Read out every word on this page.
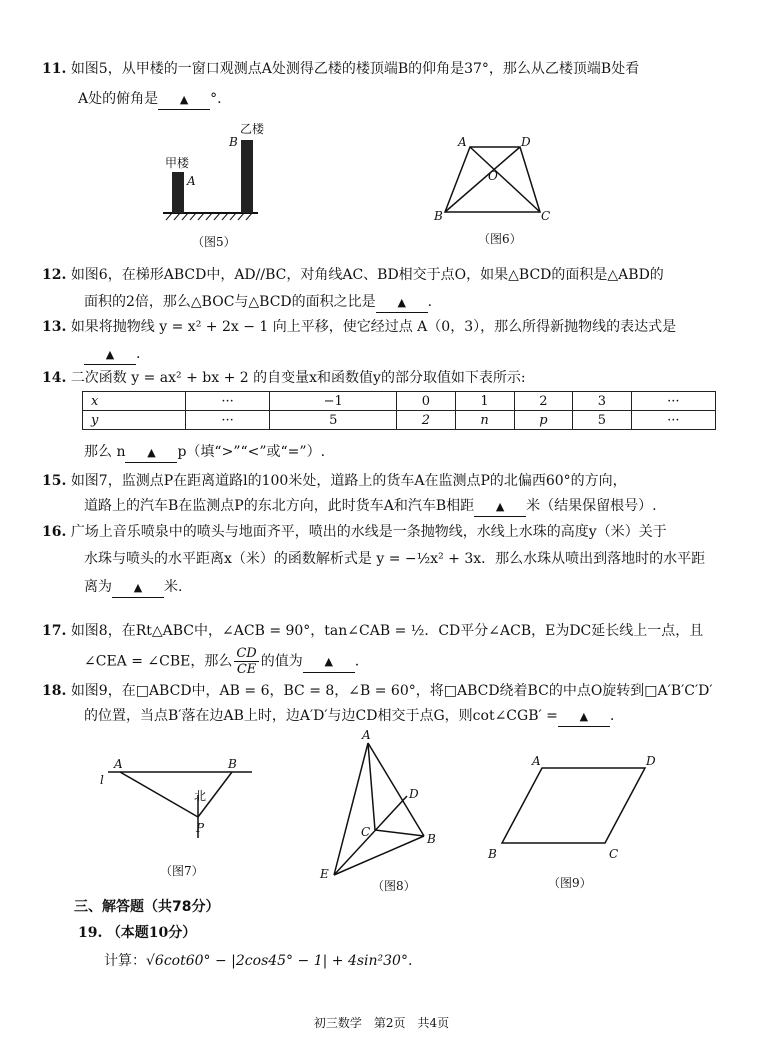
11. 如图5，从甲楼的一窗口观测点A处测得乙楼的楼顶端B的仰角是37°，那么从乙楼顶端B处看
A处的俯角是 ▲ °.
甲楼
乙楼
A
B
（图5）
A	D
O
B	C
（图6）
12. 如图6，在梯形ABCD中，AD//BC，对角线AC、BD相交于点O，如果△BCD的面积是△ABD的
面积的2倍，那么△BOC与△BCD的面积之比是 ▲ .
13. 如果将抛物线 y = x² + 2x − 1 向上平移，使它经过点 A（0，3），那么所得新抛物线的表达式是
▲ .
14. 二次函数 y = ax² + bx + 2 的自变量x和函数值y的部分取值如下表所示:
x	···	−1	0	1	2	3	···
y	···	5	2	n	p	5	···
那么 n ▲ p（填“>”“<”或“=”）.
15. 如图7，监测点P在距离道路l的100米处，道路上的货车A在监测点P的北偏西60°的方向，
道路上的汽车B在监测点P的东北方向，此时货车A和汽车B相距 ▲ 米（结果保留根号）.
16. 广场上音乐喷泉中的喷头与地面齐平，喷出的水线是一条抛物线，水线上水珠的高度y（米）关于
水珠与喷头的水平距离x（米）的函数解析式是 y = −½x² + 3x．那么水珠从喷出到落地时的水平距
离为 ▲ 米.
17. 如图8，在Rt△ABC中，∠ACB = 90°，tan∠CAB = ½．CD平分∠ACB，E为DC延长线上一点，且
∠CEA = ∠CBE，那么 $\frac{CD}{CE}$ 的值为 ▲ .
18. 如图9，在□ABCD中，AB = 6，BC = 8，∠B = 60°，将□ABCD绕着BC的中点O旋转到□A′B′C′D′
的位置，当点B′落在边AB上时，边A′D′与边CD相交于点G，则cot∠CGB′ = ▲ .
l
A	B
P
北
（图7）
A
D
C	B
E
（图8）
A	D
B	C
（图9）
三、解答题（共78分）
19. （本题10分）
计算：√6cot60° − |2cos45° − 1| + 4sin²30°.
初三数学　第2页　共4页
